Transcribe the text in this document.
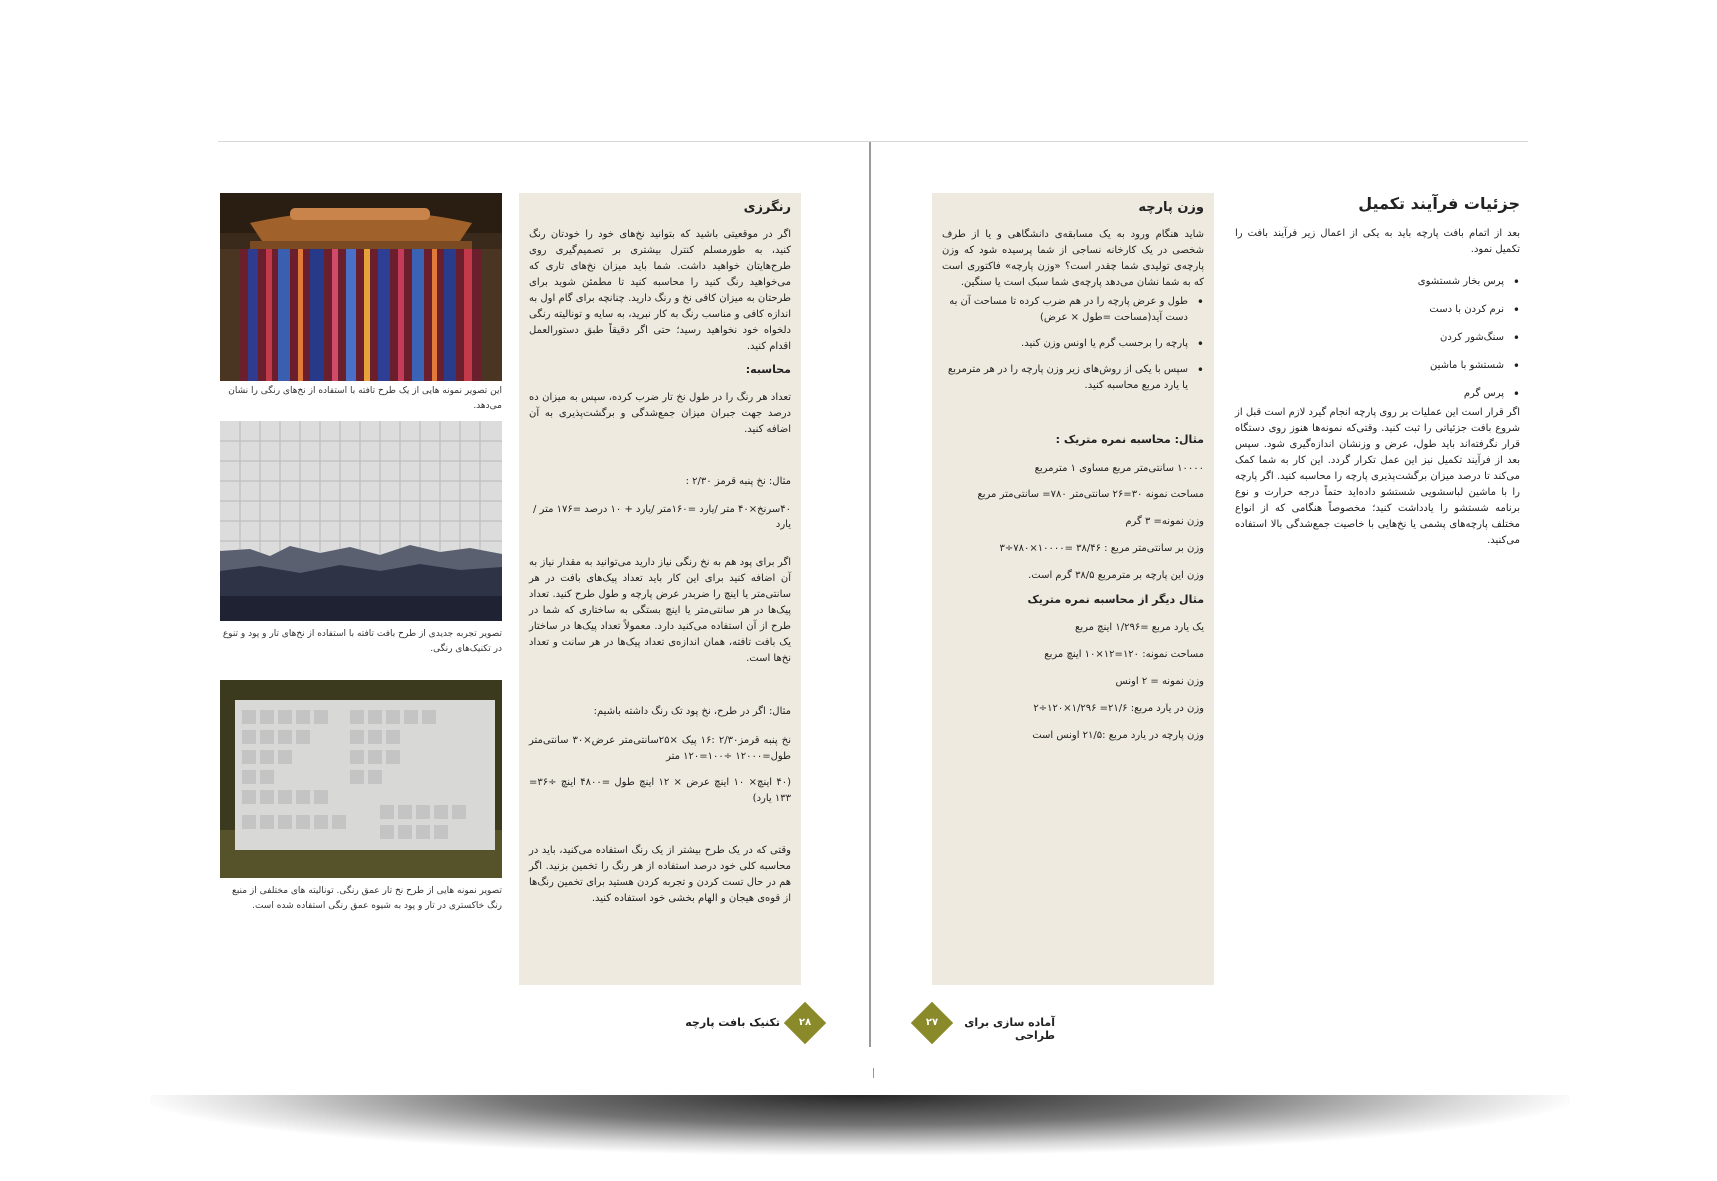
جزئیات فرآیند تکمیل
بعد از اتمام بافت پارچه باید به یکی از اعمال زیر فرآیند بافت را تکمیل نمود.
• پرس بخار شستشوی
• نرم کردن با دست
• سنگ‌شور کردن
• شستشو با ماشین
• پرس گرم
اگر قرار است این عملیات بر روی پارچه انجام گیرد لازم است قبل از شروع بافت جزئیاتی را ثبت کنید. وقتی‌که نمونه‌ها هنوز روی دستگاه قرار نگرفته‌اند باید طول، عرض و وزنشان اندازه‌گیری شود. سپس بعد از فرآیند تکمیل نیز این عمل تکرار گردد. این کار به شما کمک می‌کند تا درصد میزان برگشت‌پذیری پارچه را محاسبه کنید. اگر پارچه را با ماشین لباسشویی شستشو داده‌اید حتماً درجه حرارت و نوع برنامه شستشو را یادداشت کنید؛ مخصوصاً هنگامی که از انواع مختلف پارچه‌های پشمی یا نخ‌هایی با خاصیت جمع‌شدگی بالا استفاده می‌کنید.
وزن پارچه
شاید هنگام ورود به یک مسابقه‌ی دانشگاهی و یا از طرف شخصی در یک کارخانه نساجی از شما پرسیده شود که وزن پارچه‌ی تولیدی شما چقدر است؟ «وزن پارچه» فاکتوری است که به شما نشان می‌دهد پارچه‌ی شما سبک است یا سنگین.
• طول و عرض پارچه را در هم ضرب کرده تا مساحت آن به دست آید(مساحت =طول × عرض)
• پارچه را برحسب گرم یا اونس وزن کنید.
• سپس با یکی از روش‌های زیر وزن پارچه را در هر مترمربع یا یارد مربع محاسبه کنید.
مثال: محاسبه نمره متریک :
۱۰۰۰۰ سانتی‌متر مربع مساوی ۱ مترمربع
مساحت نمونه ۳۰=۲۶ سانتی‌متر ۷۸۰= سانتی‌متر مربع
وزن نمونه= ۳ گرم
وزن بر سانتی‌متر مربع : ۳۸/۴۶ =۱۰۰۰۰×۷۸۰÷۳
وزن این پارچه بر مترمربع ۳۸/۵ گرم است.
مثال دیگر از محاسبه نمره متریک
یک یارد مربع =۱/۲۹۶ اینچ مربع
مساحت نمونه: ۱۲۰=۱۲×۱۰ اینچ مربع
وزن نمونه = ۲ اونس
وزن در یارد مربع: ۲۱/۶= ۱/۲۹۶×۱۲۰÷۲
وزن پارچه در یارد مربع :۲۱/۵ اونس است
۲۷	آماده سازی برای طراحی
رنگرزی
اگر در موقعیتی باشید که بتوانید نخ‌های خود را خودتان رنگ کنید، به طورمسلم کنترل بیشتری بر تصمیم‌گیری روی طرح‌هایتان خواهید داشت. شما باید میزان نخ‌های تاری که می‌خواهید رنگ کنید را محاسبه کنید تا مطمئن شوید برای طرحتان به میزان کافی نخ و رنگ دارید. چنانچه برای گام اول به اندازه کافی و مناسب رنگ به کار نبرید، به سایه و تونالیته رنگی دلخواه خود نخواهید رسید؛ حتی اگر دقیقاً طبق دستورالعمل اقدام کنید.
محاسبه:
تعداد هر رنگ را در طول نخ تار ضرب کرده، سپس به میزان ده درصد جهت جبران میزان جمع‌شدگی و برگشت‌پذیری به آن اضافه کنید.
مثال: نخ پنبه قرمز ۲/۳۰ :
۴۰سرنخ×۴۰ متر /یارد =۱۶۰متر /یارد + ۱۰ درصد =۱۷۶ متر /یارد
اگر برای پود هم به نخ رنگی نیاز دارید می‌توانید به مقدار نیاز به آن اضافه کنید برای این کار باید تعداد پیک‌های بافت در هر سانتی‌متر یا اینچ را ضربدر عرض پارچه و طول طرح کنید. تعداد پیک‌ها در هر سانتی‌متر یا اینچ بستگی به ساختاری که شما در طرح از آن استفاده می‌کنید دارد. معمولاً تعداد پیک‌ها در ساختار یک بافت تافته، همان اندازه‌ی تعداد پیک‌ها در هر سانت و تعداد نخ‌ها است.
مثال: اگر در طرح، نخ پود تک رنگ داشته باشیم:
نخ پنبه قرمز۲/۳۰ :۱۶ پیک ×۲۵سانتی‌متر عرض×۳۰ سانتی‌متر طول=۱۲۰۰۰ ÷۱۰۰=۱۲۰ متر
(۴۰ اینچ× ۱۰ اینچ عرض × ۱۲ اینچ طول =۴۸۰۰ اینچ ÷۳۶= ۱۳۳ یارد)
وقتی که در یک طرح بیشتر از یک رنگ استفاده می‌کنید، باید در محاسبه کلی خود درصد استفاده از هر رنگ را تخمین بزنید. اگر هم در حال تست کردن و تجربه کردن هستید برای تخمین رنگ‌ها از قوه‌ی هیجان و الهام بخشی خود استفاده کنید.
این تصویر نمونه هایی از یک طرح تافته با استفاده از نخ‌های رنگی را نشان می‌دهد.
تصویر تجربه جدیدی از طرح بافت تافته با استفاده از نخ‌های تار و پود و تنوع در تکنیک‌های رنگی.
تصویر نمونه هایی از طرح نخ تار عمق رنگی. تونالیته های مختلفی از منبع رنگ خاکستری در تار و پود به شیوه عمق رنگی استفاده شده است.
۲۸
تکنیک بافت پارچه
